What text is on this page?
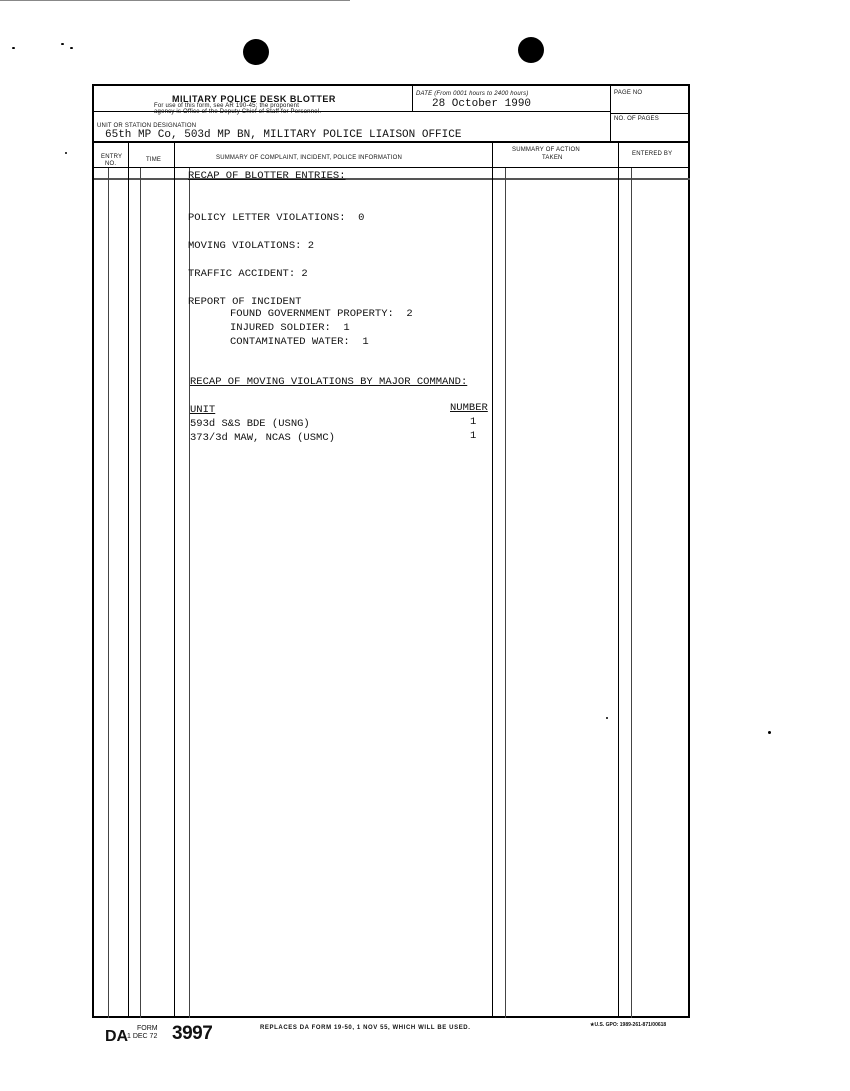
MILITARY POLICE DESK BLOTTER
For use of this form, see AR 190-45; the proponent
agency is Office of the Deputy Chief of Staff for Personnel.
DATE (From 0001 hours to 2400 hours)
28 October 1990
PAGE NO
NO. OF PAGES
UNIT OR STATION DESIGNATION
65th MP Co, 503d MP BN, MILITARY POLICE LIAISON OFFICE
ENTRY
NO.
TIME	SUMMARY OF COMPLAINT, INCIDENT, POLICE INFORMATION
SUMMARY OF ACTION
TAKEN
ENTERED BY
RECAP OF BLOTTER ENTRIES:
POLICY LETTER VIOLATIONS:  0
MOVING VIOLATIONS: 2
TRAFFIC ACCIDENT: 2
REPORT OF INCIDENT
FOUND GOVERNMENT PROPERTY:  2
INJURED SOLDIER:  1
CONTAMINATED WATER:  1
RECAP OF MOVING VIOLATIONS BY MAJOR COMMAND:
UNIT	NUMBER
593d S&S BDE (USNG)	1
373/3d MAW, NCAS (USMC)	1
DA FORM
1 DEC 72 3997	REPLACES DA FORM 19-50, 1 NOV 55, WHICH WILL BE USED.	★U.S. GPO: 1989-261-871/00618
